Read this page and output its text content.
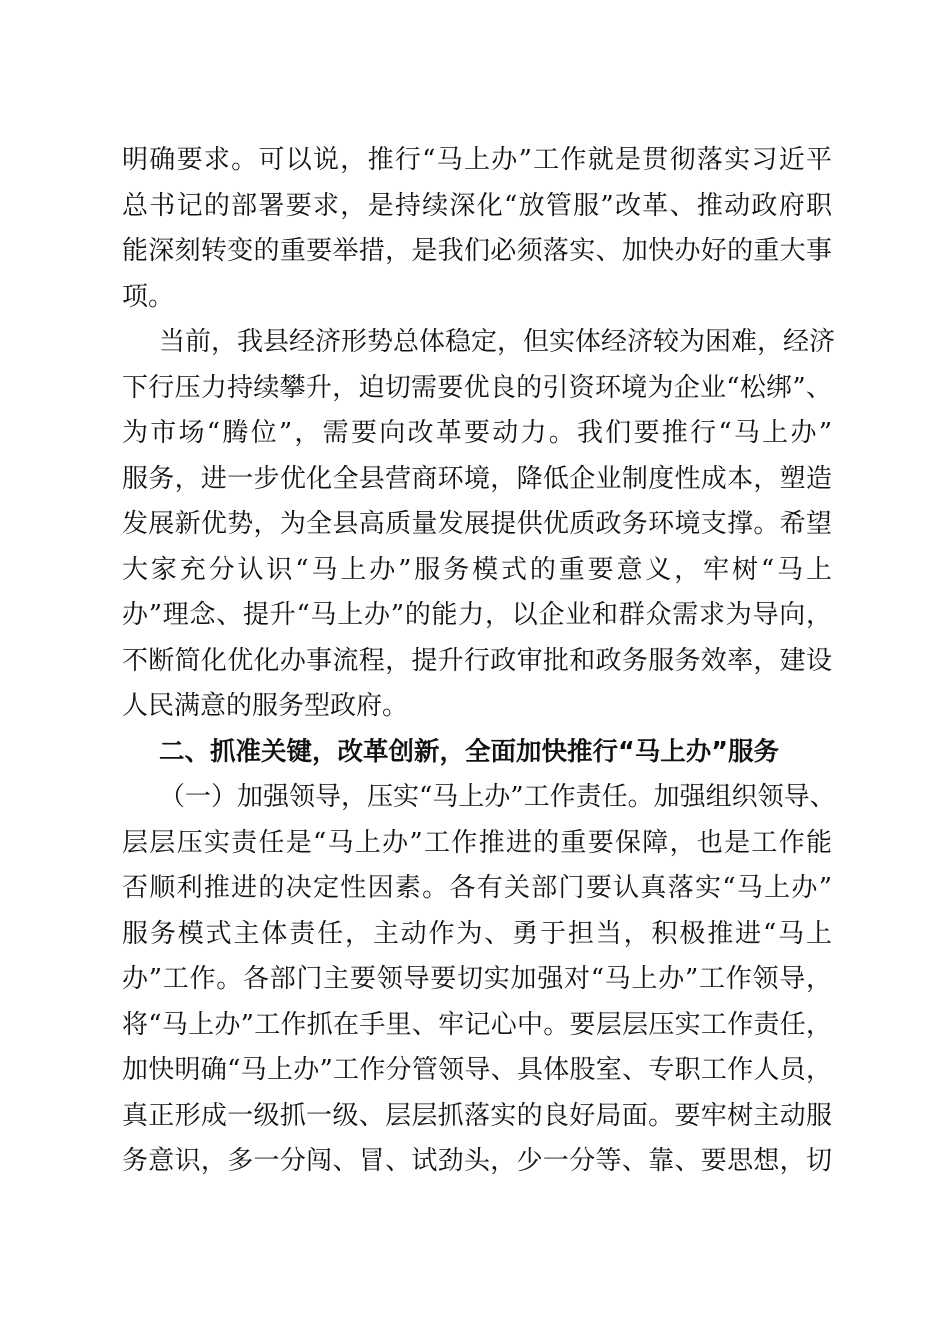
明确要求。可以说，推行“马上办”工作就是贯彻落实习近平
总书记的部署要求，是持续深化“放管服”改革、推动政府职
能深刻转变的重要举措，是我们必须落实、加快办好的重大事
项。
当前，我县经济形势总体稳定，但实体经济较为困难，经济
下行压力持续攀升，迫切需要优良的引资环境为企业“松绑”、
为市场“腾位”，需要向改革要动力。我们要推行“马上办”
服务，进一步优化全县营商环境，降低企业制度性成本，塑造
发展新优势，为全县高质量发展提供优质政务环境支撑。希望
大家充分认识“马上办”服务模式的重要意义，牢树“马上
办”理念、提升“马上办”的能力，以企业和群众需求为导向，
不断简化优化办事流程，提升行政审批和政务服务效率，建设
人民满意的服务型政府。
二、抓准关键，改革创新，全面加快推行“马上办”服务
（一）加强领导，压实“马上办”工作责任。加强组织领导、
层层压实责任是“马上办”工作推进的重要保障，也是工作能
否顺利推进的决定性因素。各有关部门要认真落实“马上办”
服务模式主体责任，主动作为、勇于担当，积极推进“马上
办”工作。各部门主要领导要切实加强对“马上办”工作领导，
将“马上办”工作抓在手里、牢记心中。要层层压实工作责任，
加快明确“马上办”工作分管领导、具体股室、专职工作人员，
真正形成一级抓一级、层层抓落实的良好局面。要牢树主动服
务意识，多一分闯、冒、试劲头，少一分等、靠、要思想，切
